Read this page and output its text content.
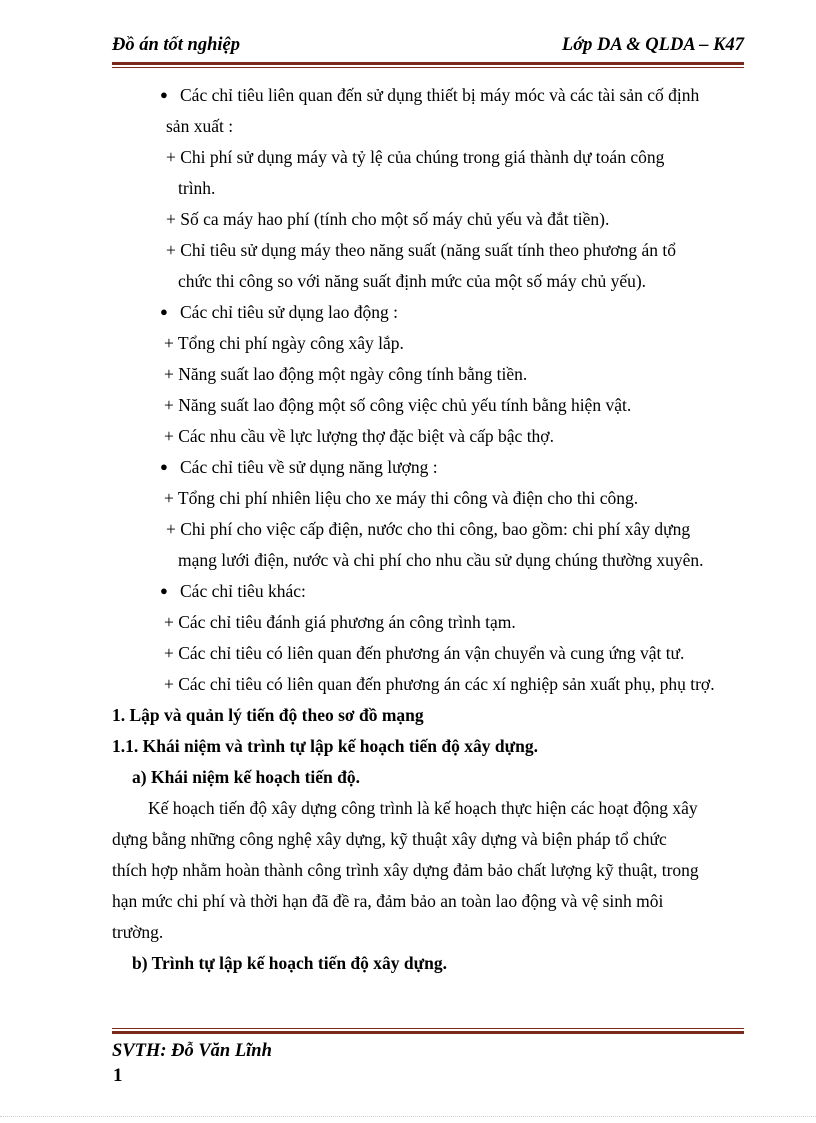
Đồ án tốt nghiệp	Lớp DA & QLDA – K47
● Các chỉ tiêu liên quan đến sử dụng thiết bị máy móc và các tài sản cố định
sản xuất :
+ Chi phí sử dụng máy và tỷ lệ của chúng trong giá thành dự toán công
trình.
+ Số ca máy hao phí (tính cho một số máy chủ yếu và đắt tiền).
+ Chỉ tiêu sử dụng máy theo năng suất (năng suất tính theo phương án tổ
chức thi công so với năng suất định mức của một số máy chủ yếu).
● Các chỉ tiêu sử dụng lao động :
+ Tổng chi phí ngày công xây lắp.
+ Năng suất lao động một ngày công tính bằng tiền.
+ Năng suất lao động một số công việc chủ yếu tính bằng hiện vật.
+ Các nhu cầu về lực lượng thợ đặc biệt và cấp bậc thợ.
● Các chỉ tiêu về sử dụng năng lượng :
+ Tổng chi phí nhiên liệu cho xe máy thi công và điện cho thi công.
+ Chi phí cho việc cấp điện, nước cho thi công, bao gồm: chi phí xây dựng
mạng lưới điện, nước và chi phí cho nhu cầu sử dụng chúng thường xuyên.
● Các chỉ tiêu khác:
+ Các chỉ tiêu đánh giá phương án công trình tạm.
+ Các chỉ tiêu có liên quan đến phương án vận chuyển và cung ứng vật tư.
+ Các chỉ tiêu có liên quan đến phương án các xí nghiệp sản xuất phụ, phụ trợ.
1. Lập và quản lý tiến độ theo sơ đồ mạng
1.1. Khái niệm và trình tự lập kế hoạch tiến độ xây dựng.
a) Khái niệm kế hoạch tiến độ.
Kế hoạch tiến độ xây dựng công trình là kế hoạch thực hiện các hoạt động xây
dựng bằng những công nghệ xây dựng, kỹ thuật xây dựng và biện pháp tổ chức
thích hợp nhằm hoàn thành công trình xây dựng đảm bảo chất lượng kỹ thuật, trong
hạn mức chi phí và thời hạn đã đề ra, đảm bảo an toàn lao động và vệ sinh môi
trường.
b) Trình tự lập kế hoạch tiến độ xây dựng.
SVTH: Đỗ Văn Lĩnh
1
